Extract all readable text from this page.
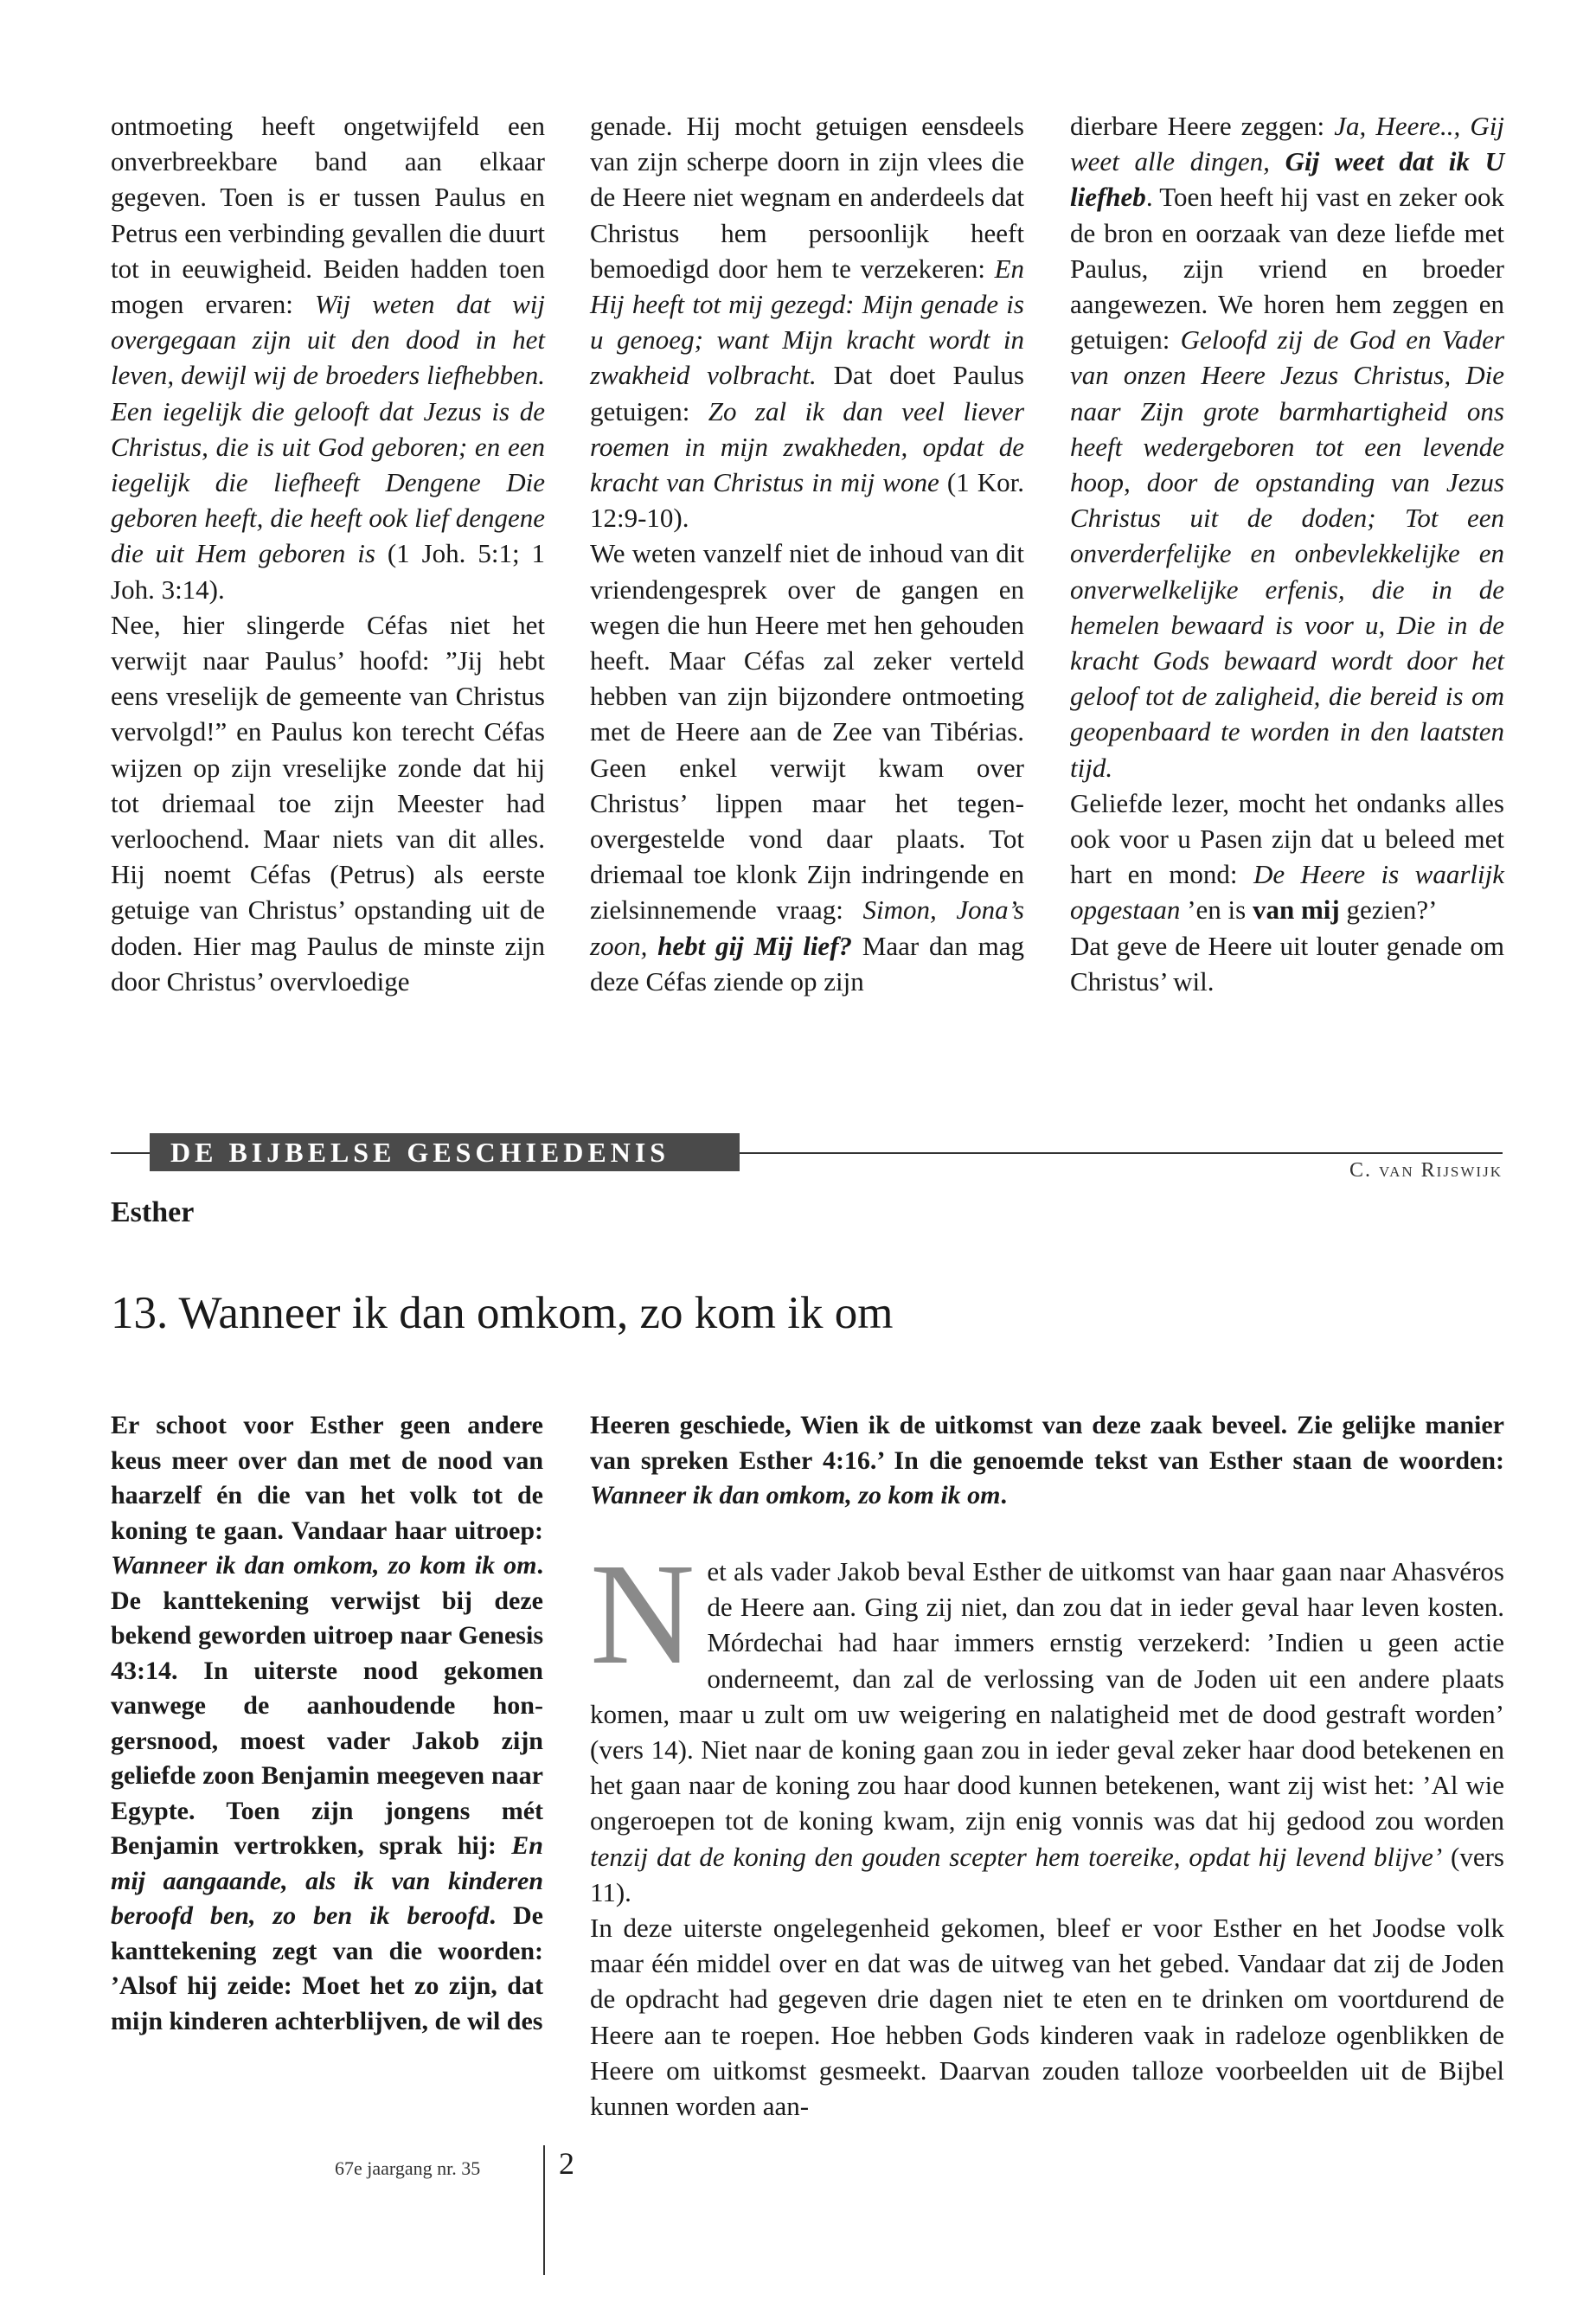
ontmoeting heeft ongetwijfeld een onverbreekbare band aan elkaar gegeven. Toen is er tussen Paulus en Petrus een verbinding gevallen die duurt tot in eeuwigheid. Beiden hadden toen mogen ervaren: Wij weten dat wij overgegaan zijn uit den dood in het leven, dewijl wij de broeders liefhebben. Een iegelijk die gelooft dat Jezus is de Christus, die is uit God geboren; en een iegelijk die liefheeft Dengene Die geboren heeft, die heeft ook lief dengene die uit Hem geboren is (1 Joh. 5:1; 1 Joh. 3:14).

Nee, hier slingerde Céfas niet het verwijt naar Paulus’ hoofd: ”Jij hebt eens vreselijk de gemeente van Christus vervolgd!” en Paulus kon terecht Céfas wijzen op zijn vreselijke zonde dat hij tot driemaal toe zijn Meester had verloochend. Maar niets van dit alles. Hij noemt Céfas (Petrus) als eerste getuige van Christus’ opstanding uit de doden. Hier mag Paulus de minste zijn door Christus’ overvloedige

genade. Hij mocht getuigen eensdeels van zijn scherpe doorn in zijn vlees die de Heere niet wegnam en anderdeels dat Christus hem persoonlijk heeft bemoedigd door hem te verzekeren: En Hij heeft tot mij gezegd: Mijn genade is u genoeg; want Mijn kracht wordt in zwakheid volbracht. Dat doet Paulus getuigen: Zo zal ik dan veel liever roemen in mijn zwakheden, opdat de kracht van Christus in mij wone (1 Kor. 12:9-10).

We weten vanzelf niet de inhoud van dit vriendengesprek over de gangen en wegen die hun Heere met hen gehouden heeft. Maar Céfas zal zeker verteld hebben van zijn bijzondere ontmoeting met de Heere aan de Zee van Tibérias. Geen enkel verwijt kwam over Christus’ lippen maar het tegenovergestelde vond daar plaats. Tot driemaal toe klonk Zijn indringende en zielsinnemende vraag: Simon, Jona’s zoon, hebt gij Mij lief? Maar dan mag deze Céfas ziende op zijn

dierbare Heere zeggen: Ja, Heere.., Gij weet alle dingen, Gij weet dat ik U liefheb. Toen heeft hij vast en zeker ook de bron en oorzaak van deze liefde met Paulus, zijn vriend en broeder aangewezen. We horen hem zeggen en getuigen: Geloofd zij de God en Vader van onzen Heere Jezus Christus, Die naar Zijn grote barmhartigheid ons heeft wedergeboren tot een levende hoop, door de opstanding van Jezus Christus uit de doden; Tot een onverderfelijke en onbevlekkelijke en onverwelkelijke erfenis, die in de hemelen bewaard is voor u, Die in de kracht Gods bewaard wordt door het geloof tot de zaligheid, die bereid is om geopenbaard te worden in den laatsten tijd.

Geliefde lezer, mocht het ondanks alles ook voor u Pasen zijn dat u beleed met hart en mond: De Heere is waarlijk opgestaan ’en is van mij gezien?’

Dat geve de Heere uit louter genade om Christus’ wil.

DE BIJBELSE GESCHIEDENIS
C. van Rijswijk
Esther
13. Wanneer ik dan omkom, zo kom ik om
Er schoot voor Esther geen andere keus meer over dan met de nood van haarzelf én die van het volk tot de koning te gaan. Vandaar haar uitroep: Wanneer ik dan omkom, zo kom ik om. De kanttekening verwijst bij deze bekend geworden uitroep naar Genesis 43:14. In uiterste nood gekomen vanwege de aanhoudende hongersnood, moest vader Jakob zijn geliefde zoon Benjamin meegeven naar Egypte. Toen zijn jongens mét Benjamin vertrokken, sprak hij: En mij aangaande, als ik van kinderen beroofd ben, zo ben ik beroofd. De kanttekening zegt van die woorden: ’Alsof hij zeide: Moet het zo zijn, dat mijn kinderen achterblijven, de wil des
Heeren geschiede, Wien ik de uitkomst van deze zaak beveel. Zie gelijke manier van spreken Esther 4:16.’ In die genoemde tekst van Esther staan de woorden: Wanneer ik dan omkom, zo kom ik om.

Net als vader Jakob beval Esther de uitkomst van haar gaan naar Ahasvéros de Heere aan. Ging zij niet, dan zou dat in ieder geval haar leven kosten. Mórdechai had haar immers ernstig verzekerd: ’Indien u geen actie onderneemt, dan zal de verlossing van de Joden uit een andere plaats komen, maar u zult om uw weigering en nalatigheid met de dood gestraft worden’ (vers 14). Niet naar de koning gaan zou in ieder geval zeker haar dood betekenen en het gaan naar de koning zou haar dood kunnen betekenen, want zij wist het: ’Al wie ongeroepen tot de koning kwam, zijn enig vonnis was dat hij gedood zou worden tenzij dat de koning den gouden scepter hem toereike, opdat hij levend blijve’ (vers 11).

In deze uiterste ongelegenheid gekomen, bleef er voor Esther en het Joodse volk maar één middel over en dat was de uitweg van het gebed. Vandaar dat zij de Joden de opdracht had gegeven drie dagen niet te eten en te drinken om voortdurend de Heere aan te roepen. Hoe hebben Gods kinderen vaak in radeloze ogenblikken de Heere om uitkomst gesmeekt. Daarvan zouden talloze voorbeelden uit de Bijbel kunnen worden aan-

67e jaargang nr. 35	2
